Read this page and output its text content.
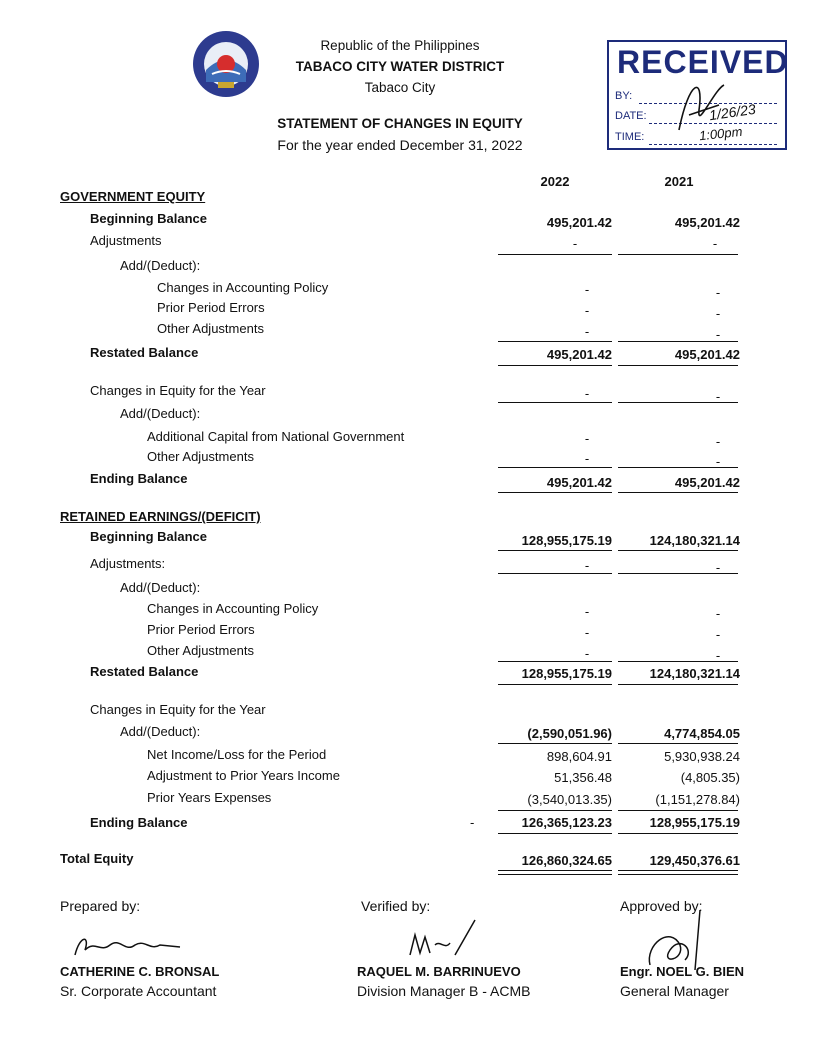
Republic of the Philippines
TABACO CITY WATER DISTRICT
Tabaco City
STATEMENT OF CHANGES IN EQUITY
For the year ended December 31, 2022
RECEIVED
BY:
DATE:
TIME:
1/26/23
1:00pm
2022	2021
GOVERNMENT EQUITY
Beginning Balance	495,201.42	495,201.42
Adjustments	-	-
Add/(Deduct):
Changes in Accounting Policy	-	-
Prior Period Errors	-	-
Other Adjustments	-	-
Restated Balance	495,201.42	495,201.42
Changes in Equity for the Year	-	-
Add/(Deduct):
Additional Capital from National Government	-	-
Other Adjustments	-	-
Ending Balance	495,201.42	495,201.42
RETAINED EARNINGS/(DEFICIT)
Beginning Balance	128,955,175.19	124,180,321.14
Adjustments:	-	-
Add/(Deduct):
Changes in Accounting Policy	-	-
Prior Period Errors	-	-
Other Adjustments	-	-
Restated Balance	128,955,175.19	124,180,321.14
Changes in Equity for the Year
Add/(Deduct):	(2,590,051.96)	4,774,854.05
Net Income/Loss for the Period	898,604.91	5,930,938.24
Adjustment to Prior Years Income	51,356.48	(4,805.35)
Prior Years Expenses	(3,540,013.35)	(1,151,278.84)
Ending Balance	-	126,365,123.23	128,955,175.19
Total Equity	126,860,324.65	129,450,376.61
Prepared by:	Verified by:	Approved by:
CATHERINE C. BRONSAL
Sr. Corporate Accountant
RAQUEL M. BARRINUEVO
Division Manager B - ACMB
Engr. NOEL G. BIEN
General Manager
